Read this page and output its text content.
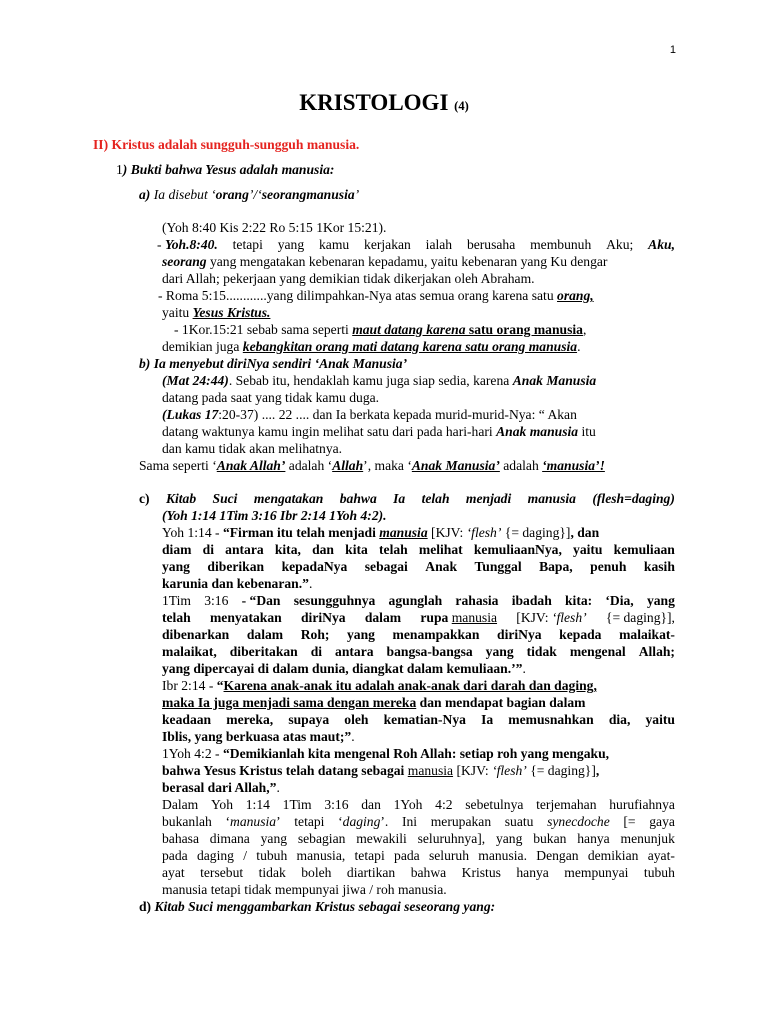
1
KRISTOLOGI (4)
II) Kristus adalah sungguh-sungguh manusia.
1) Bukti bahwa Yesus adalah manusia:
a) Ia disebut ‘orang’/‘seorangmanusia’
(Yoh 8:40 Kis 2:22 Ro 5:15 1Kor 15:21).
- Yoh.8:40. tetapi yang kamu kerjakan ialah berusaha membunuh Aku; Aku,
seorang yang mengatakan kebenaran kepadamu, yaitu kebenaran yang Ku dengar
dari Allah; pekerjaan yang demikian tidak dikerjakan oleh Abraham.
- Roma 5:15............yang dilimpahkan-Nya atas semua orang karena satu orang,
yaitu Yesus Kristus.
- 1Kor.15:21 sebab sama seperti maut datang karena satu orang manusia,
demikian juga kebangkitan orang mati datang karena satu orang manusia.
b) Ia menyebut diriNya sendiri ‘Anak Manusia’
(Mat 24:44). Sebab itu, hendaklah kamu juga siap sedia, karena Anak Manusia
datang pada saat yang tidak kamu duga.
(Lukas 17:20-37) .... 22 .... dan Ia berkata kepada murid-murid-Nya: “ Akan
datang waktunya kamu ingin melihat satu dari pada hari-hari Anak manusia itu
dan kamu tidak akan melihatnya.
Sama seperti ‘Anak Allah’ adalah ‘Allah’, maka ‘Anak Manusia’ adalah ‘manusia’!
c) Kitab Suci mengatakan bahwa Ia telah menjadi manusia (flesh=daging)
(Yoh 1:14 1Tim 3:16 Ibr 2:14 1Yoh 4:2).
Yoh 1:14 - “Firman itu telah menjadi manusia [KJV: ‘flesh’ {= daging}], dan
diam di antara kita, dan kita telah melihat kemuliaanNya, yaitu kemuliaan
yang diberikan kepadaNya sebagai Anak Tunggal Bapa, penuh kasih
karunia dan kebenaran.”.
1Tim 3:16 - “Dan sesungguhnya agunglah rahasia ibadah kita: ‘Dia, yang
telah menyatakan diriNya dalam rupa manusia [KJV: ‘flesh’ {= daging}],
dibenarkan dalam Roh; yang menampakkan diriNya kepada malaikat-
malaikat, diberitakan di antara bangsa-bangsa yang tidak mengenal Allah;
yang dipercayai di dalam dunia, diangkat dalam kemuliaan.’”.
Ibr 2:14 - “Karena anak-anak itu adalah anak-anak dari darah dan daging,
maka Ia juga menjadi sama dengan mereka dan mendapat bagian dalam
keadaan mereka, supaya oleh kematian-Nya Ia memusnahkan dia, yaitu
Iblis, yang berkuasa atas maut;”.
1Yoh 4:2 - “Demikianlah kita mengenal Roh Allah: setiap roh yang mengaku,
bahwa Yesus Kristus telah datang sebagai manusia [KJV: ‘flesh’ {= daging}],
berasal dari Allah,”.
Dalam Yoh 1:14 1Tim 3:16 dan 1Yoh 4:2 sebetulnya terjemahan hurufiahnya
bukanlah ‘manusia’ tetapi ‘daging’. Ini merupakan suatu synecdoche [= gaya
bahasa dimana yang sebagian mewakili seluruhnya], yang bukan hanya menunjuk
pada daging / tubuh manusia, tetapi pada seluruh manusia. Dengan demikian ayat-
ayat tersebut tidak boleh diartikan bahwa Kristus hanya mempunyai tubuh
manusia tetapi tidak mempunyai jiwa / roh manusia.
d) Kitab Suci menggambarkan Kristus sebagai seseorang yang:
